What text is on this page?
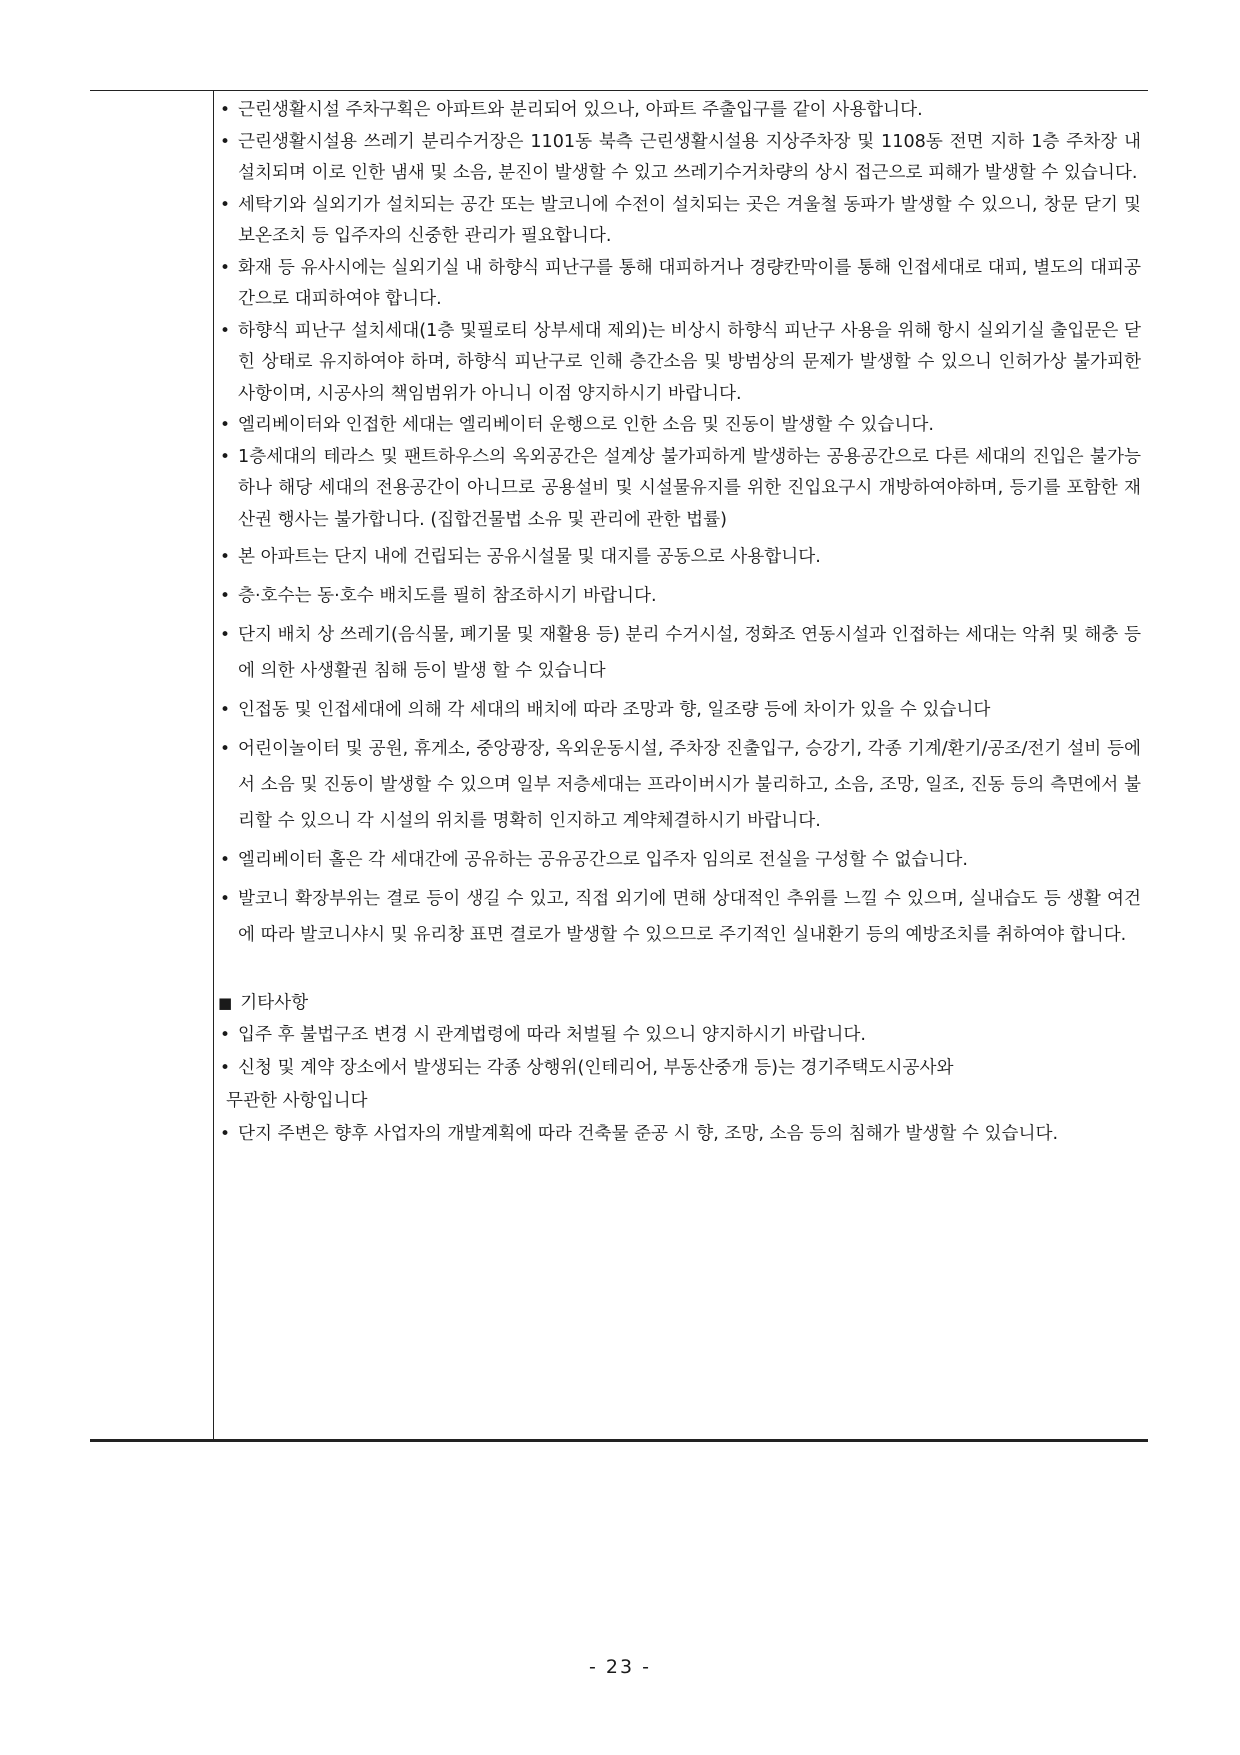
• 근린생활시설 주차구획은 아파트와 분리되어 있으나, 아파트 주출입구를 같이 사용합니다.

• 근린생활시설용 쓰레기 분리수거장은 1101동 북측 근린생활시설용 지상주차장 및 1108동 전면 지하 1층 주차장 내 설치되며 이로 인한 냄새 및 소음, 분진이 발생할 수 있고 쓰레기수거차량의 상시 접근으로 피해가 발생할 수 있습니다.

• 세탁기와 실외기가 설치되는 공간 또는 발코니에 수전이 설치되는 곳은 겨울철 동파가 발생할 수 있으니, 창문 닫기 및 보온조치 등 입주자의 신중한 관리가 필요합니다.

• 화재 등 유사시에는 실외기실 내 하향식 피난구를 통해 대피하거나 경량칸막이를 통해 인접세대로 대피, 별도의 대피공간으로 대피하여야 합니다.

• 하향식 피난구 설치세대(1층 및필로티 상부세대 제외)는 비상시 하향식 피난구 사용을 위해 항시 실외기실 출입문은 닫힌 상태로 유지하여야 하며, 하향식 피난구로 인해 층간소음 및 방범상의 문제가 발생할 수 있으니 인허가상 불가피한 사항이며, 시공사의 책임범위가 아니니 이점 양지하시기 바랍니다.

• 엘리베이터와 인접한 세대는 엘리베이터 운행으로 인한 소음 및 진동이 발생할 수 있습니다.

• 1층세대의 테라스 및 팬트하우스의 옥외공간은 설계상 불가피하게 발생하는 공용공간으로 다른 세대의 진입은 불가능하나 해당 세대의 전용공간이 아니므로 공용설비 및 시설물유지를 위한 진입요구시 개방하여야하며, 등기를 포함한 재산권 행사는 불가합니다. (집합건물법 소유 및 관리에 관한 법률)

• 본 아파트는 단지 내에 건립되는 공유시설물 및 대지를 공동으로 사용합니다.

• 층·호수는 동·호수 배치도를 필히 참조하시기 바랍니다.

• 단지 배치 상 쓰레기(음식물, 폐기물 및 재활용 등) 분리 수거시설, 정화조 연동시설과 인접하는 세대는 악취 및 해충 등에 의한 사생활권 침해 등이 발생 할 수 있습니다

• 인접동 및 인접세대에 의해 각 세대의 배치에 따라 조망과 향, 일조량 등에 차이가 있을 수 있습니다

• 어린이놀이터 및 공원, 휴게소, 중앙광장, 옥외운동시설, 주차장 진출입구, 승강기, 각종 기계/환기/공조/전기 설비 등에서 소음 및 진동이 발생할 수 있으며 일부 저층세대는 프라이버시가 불리하고, 소음, 조망, 일조, 진동 등의 측면에서 불리할 수 있으니 각 시설의 위치를 명확히 인지하고 계약체결하시기 바랍니다.

• 엘리베이터 홀은 각 세대간에 공유하는 공유공간으로 입주자 임의로 전실을 구성할 수 없습니다.

• 발코니 확장부위는 결로 등이 생길 수 있고, 직접 외기에 면해 상대적인 추위를 느낄 수 있으며, 실내습도 등 생활 여건에 따라 발코니샤시 및 유리창 표면 결로가 발생할 수 있으므로 주기적인 실내환기 등의 예방조치를 취하여야 합니다.

■ 기타사항

• 입주 후 불법구조 변경 시 관계법령에 따라 처벌될 수 있으니 양지하시기 바랍니다.

• 신청 및 계약 장소에서 발생되는 각종 상행위(인테리어, 부동산중개 등)는 경기주택도시공사와

무관한 사항입니다

• 단지 주변은 향후 사업자의 개발계획에 따라 건축물 준공 시 향, 조망, 소음 등의 침해가 발생할 수 있습니다.

- 23 -
